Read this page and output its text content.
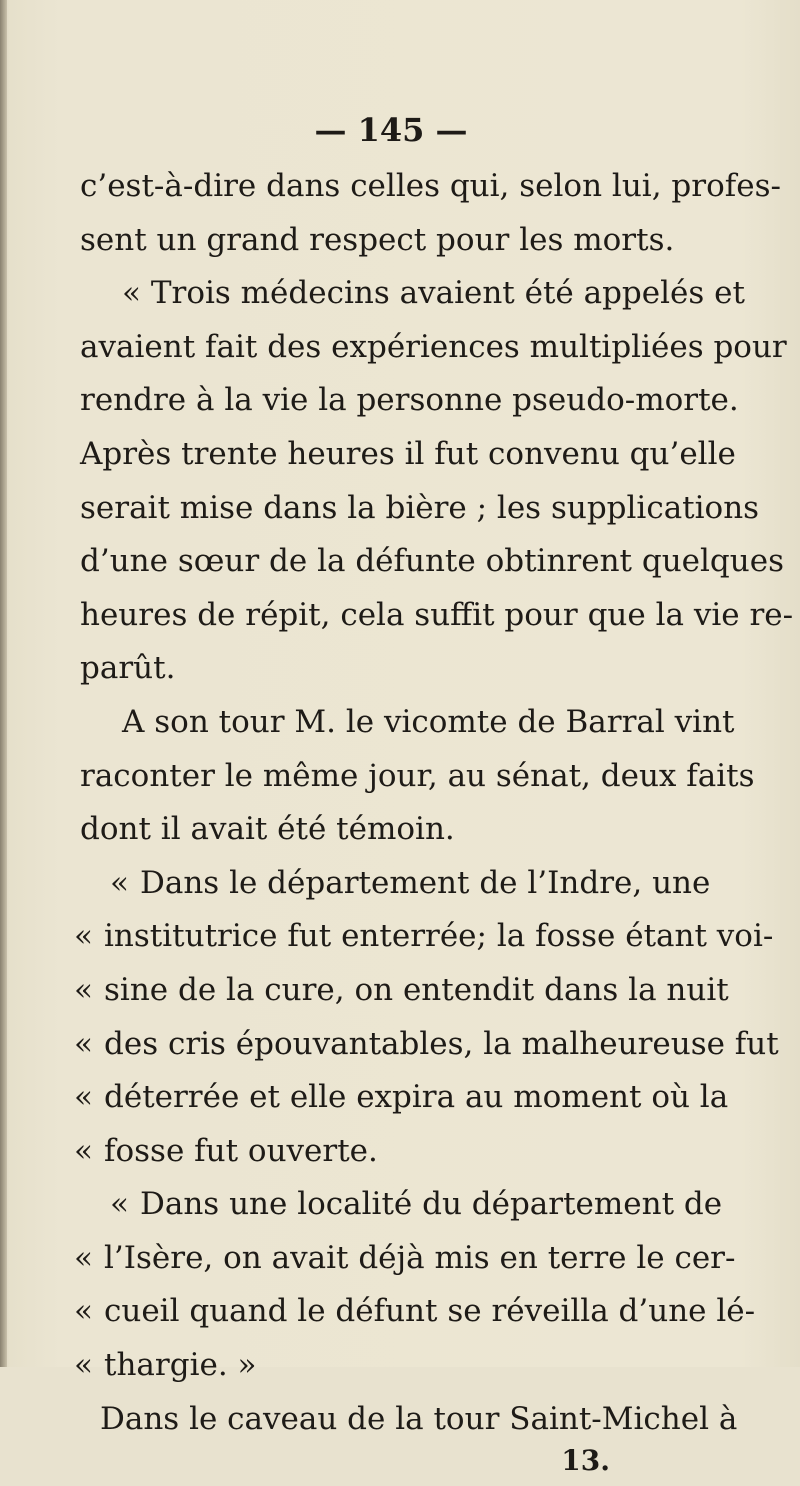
— 145 —
c’est-à-dire dans celles qui, selon lui, profes-
sent un grand respect pour les morts.
« Trois médecins avaient été appelés et
avaient fait des expériences multipliées pour
rendre à la vie la personne pseudo-morte.
Après trente heures il fut convenu qu’elle
serait mise dans la bière ; les supplications
d’une sœur de la défunte obtinrent quelques
heures de répit, cela suffit pour que la vie re-
parût.
A son tour M. le vicomte de Barral vint
raconter le même jour, au sénat, deux faits
dont il avait été témoin.
« Dans le département de l’Indre, une
« institutrice fut enterrée; la fosse étant voi-
« sine de la cure, on entendit dans la nuit
« des cris épouvantables, la malheureuse fut
« déterrée et elle expira au moment où la
« fosse fut ouverte.
« Dans une localité du département de
« l’Isère, on avait déjà mis en terre le cer-
« cueil quand le défunt se réveilla d’une lé-
« thargie. »
Dans le caveau de la tour Saint-Michel à
13.
